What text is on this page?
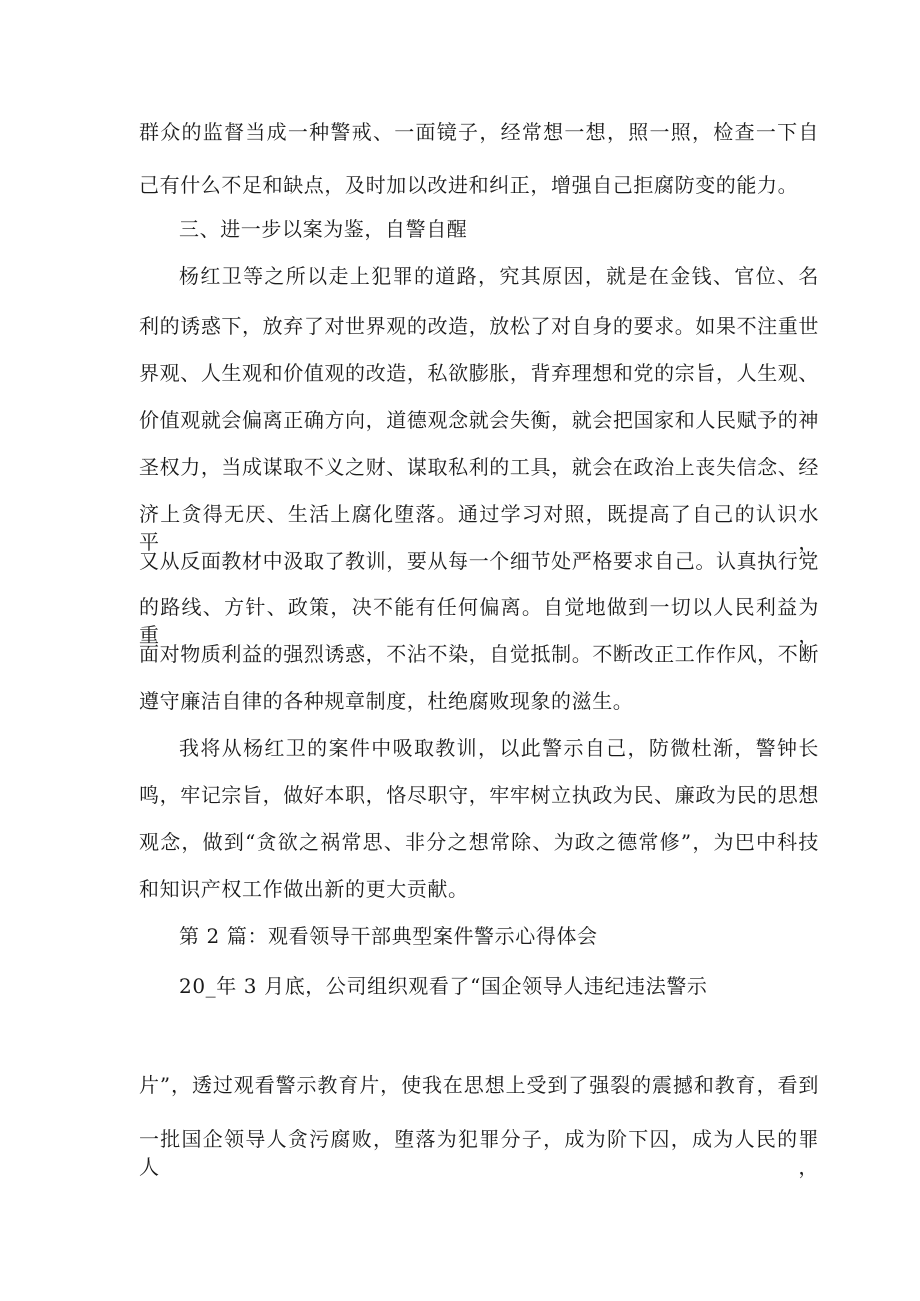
群众的监督当成一种警戒、一面镜子，经常想一想，照一照，检查一下自
己有什么不足和缺点，及时加以改进和纠正，增强自己拒腐防变的能力。
三、进一步以案为鉴，自警自醒
杨红卫等之所以走上犯罪的道路，究其原因，就是在金钱、官位、名
利的诱惑下，放弃了对世界观的改造，放松了对自身的要求。如果不注重世
界观、人生观和价值观的改造，私欲膨胀，背弃理想和党的宗旨，人生观、
价值观就会偏离正确方向，道德观念就会失衡，就会把国家和人民赋予的神
圣权力，当成谋取不义之财、谋取私利的工具，就会在政治上丧失信念、经
济上贪得无厌、生活上腐化堕落。通过学习对照，既提高了自己的认识水平，
又从反面教材中汲取了教训，要从每一个细节处严格要求自己。认真执行党
的路线、方针、政策，决不能有任何偏离。自觉地做到一切以人民利益为重，
面对物质利益的强烈诱惑，不沾不染，自觉抵制。不断改正工作作风，不断
遵守廉洁自律的各种规章制度，杜绝腐败现象的滋生。
我将从杨红卫的案件中吸取教训，以此警示自己，防微杜渐，警钟长
鸣，牢记宗旨，做好本职，恪尽职守，牢牢树立执政为民、廉政为民的思想
观念，做到“贪欲之祸常思、非分之想常除、为政之德常修”，为巴中科技
和知识产权工作做出新的更大贡献。
第 2 篇：观看领导干部典型案件警示心得体会
20_年 3 月底，公司组织观看了“国企领导人违纪违法警示
片”，透过观看警示教育片，使我在思想上受到了强裂的震撼和教育，看到
一批国企领导人贪污腐败，堕落为犯罪分子，成为阶下囚，成为人民的罪人，
